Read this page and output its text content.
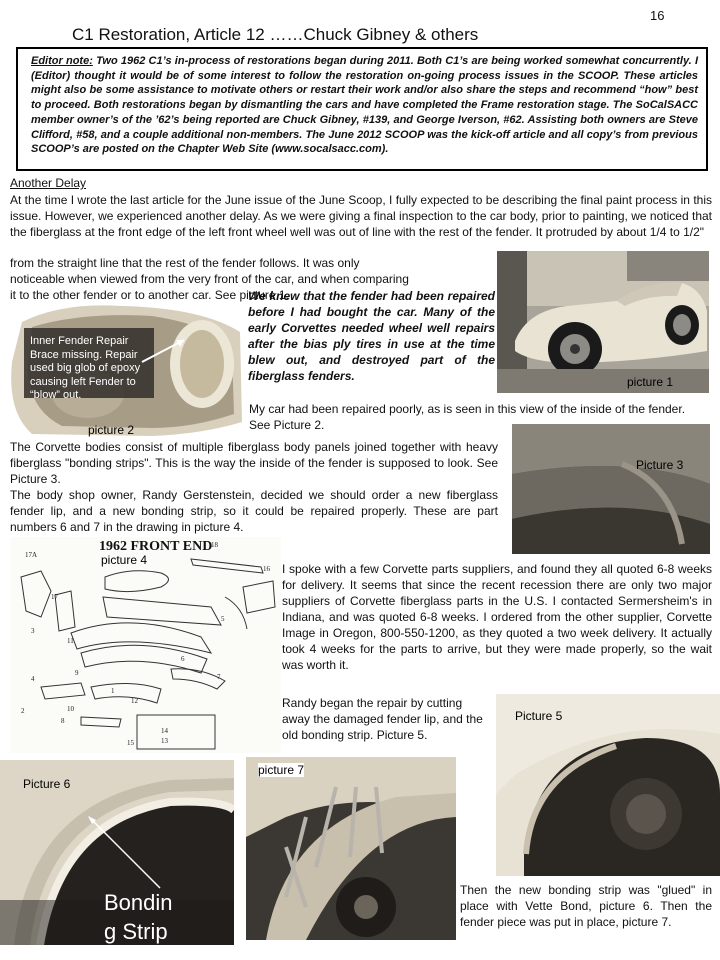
16
C1 Restoration, Article 12 ……Chuck Gibney & others
Editor note: Two 1962 C1’s in-process of restorations began during 2011. Both C1’s are being worked somewhat concurrently. I (Editor) thought it would be of some interest to follow the restoration on-going process issues in the SCOOP. These articles might also be some assistance to motivate others or restart their work and/or also share the steps and recommend “how” best to proceed. Both restorations began by dismantling the cars and have completed the Frame restoration stage. The SoCalSACC member owner’s of the ’62’s being reported are Chuck Gibney, #139, and George Iverson, #62. Assisting both owners are Steve Clifford, #58, and a couple additional non-members. The June 2012 SCOOP was the kick-off article and all copy’s from previous SCOOP’s are posted on the Chapter Web Site (www.socalsacc.com).
Another Delay
At the time I wrote the last article for the June issue of the June Scoop, I fully expected to be describing the final paint process in this issue. However, we experienced another delay. As we were giving a final inspection to the car body, prior to painting, we noticed that the fiberglass at the front edge of the left front wheel well was out of line with the rest of the fender. It protruded by about 1/4 to 1/2"
from the straight line that the rest of the fender follows. It was only
noticeable when viewed from the very front of the car, and when comparing
it to the other fender or to another car. See picture 1.
We knew that the fender had been repaired before I had bought the car. Many of the early Corvettes needed wheel well repairs after the bias ply tires in use at the time blew out, and destroyed part of the fiberglass fenders.
My car had been repaired poorly, as is seen in this view of the inside of the fender. See Picture 2.
The Corvette bodies consist of multiple fiberglass body panels joined together with heavy fiberglass "bonding strips". This is the way the inside of the fender is supposed to look. See Picture 3.
The body shop owner, Randy Gerstenstein, decided we should order a new fiberglass fender lip, and a new bonding strip, so it could be repaired properly. These are part numbers 6 and 7 in the drawing in picture 4.
I spoke with a few Corvette parts suppliers, and found they all quoted 6-8 weeks for delivery. It seems that since the recent recession there are only two major suppliers of Corvette fiberglass parts in the U.S. I contacted Sermersheim's in Indiana, and was quoted 6-8 weeks. I ordered from the other supplier, Corvette Image in Oregon, 800-550-1200, as they quoted a two week delivery. It actually took 4 weeks for the parts to arrive, but they were made properly, so the wait was worth it.
Randy began the repair by cutting away the damaged fender lip, and the old bonding strip. Picture 5.
Then the new bonding strip was "glued" in place with Vette Bond, picture 6. Then the fender piece was put in place, picture 7.
picture 1
Inner Fender Repair Brace missing. Repair used big glob of epoxy causing left Fender to “blow” out.
picture 2
Picture 3
1962 FRONT END
picture 4
17A
18
17
16
5
3
11
6
7
15
14
13
12
10
9
4
1
8
2	Picture 5
Picture 6
Bondin
g Strip
picture 7
